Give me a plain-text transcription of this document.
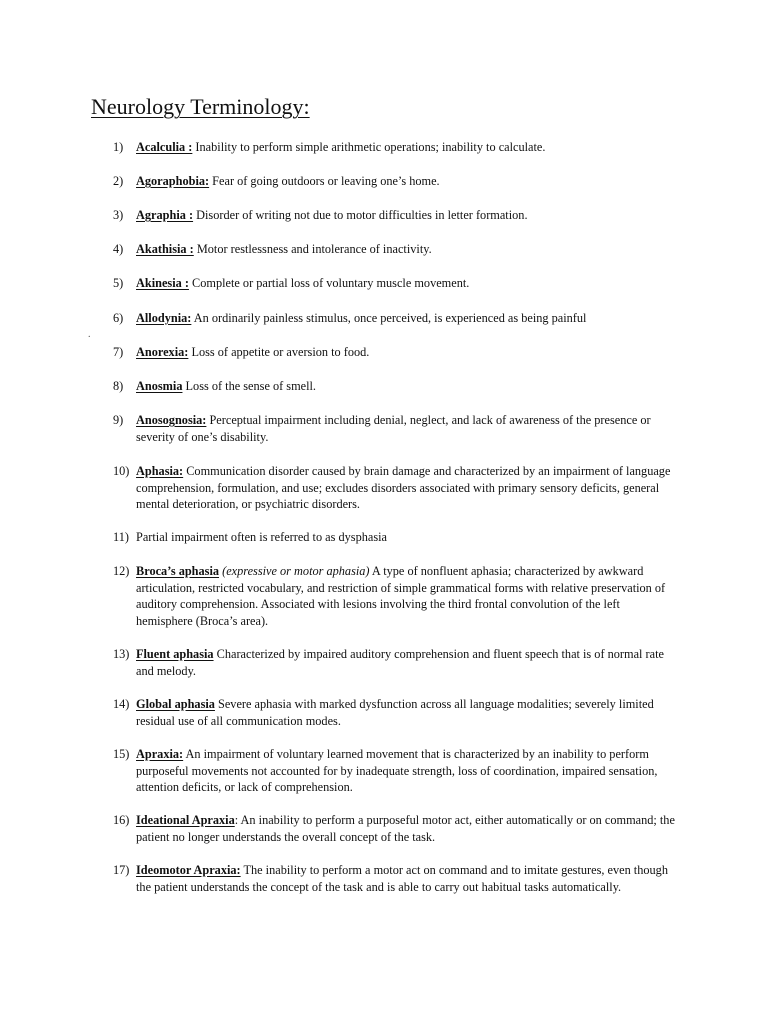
Neurology Terminology:
.
1) Acalculia : Inability to perform simple arithmetic operations; inability to calculate.
2) Agoraphobia: Fear of going outdoors or leaving one’s home.
3) Agraphia : Disorder of writing not due to motor difficulties in letter formation.
4) Akathisia : Motor restlessness and intolerance of inactivity.
5) Akinesia : Complete or partial loss of voluntary muscle movement.
6) Allodynia: An ordinarily painless stimulus, once perceived, is experienced as being painful
7) Anorexia: Loss of appetite or aversion to food.
8) Anosmia Loss of the sense of smell.
9) Anosognosia: Perceptual impairment including denial, neglect, and lack of awareness of the presence or severity of one’s disability.
10) Aphasia: Communication disorder caused by brain damage and characterized by an impairment of language comprehension, formulation, and use; excludes disorders associated with primary sensory deficits, general mental deterioration, or psychiatric disorders.
11) Partial impairment often is referred to as dysphasia
12) Broca’s aphasia (expressive or motor aphasia) A type of nonfluent aphasia; characterized by awkward articulation, restricted vocabulary, and restriction of simple grammatical forms with relative preservation of auditory comprehension. Associated with lesions involving the third frontal convolution of the left hemisphere (Broca’s area).
13) Fluent aphasia Characterized by impaired auditory comprehension and fluent speech that is of normal rate and melody.
14) Global aphasia Severe aphasia with marked dysfunction across all language modalities; severely limited residual use of all communication modes.
15) Apraxia: An impairment of voluntary learned movement that is characterized by an inability to perform purposeful movements not accounted for by inadequate strength, loss of coordination, impaired sensation, attention deficits, or lack of comprehension.
16) Ideational Apraxia: An inability to perform a purposeful motor act, either automatically or on command; the patient no longer understands the overall concept of the task.
17) Ideomotor Apraxia: The inability to perform a motor act on command and to imitate gestures, even though the patient understands the concept of the task and is able to carry out habitual tasks automatically.
